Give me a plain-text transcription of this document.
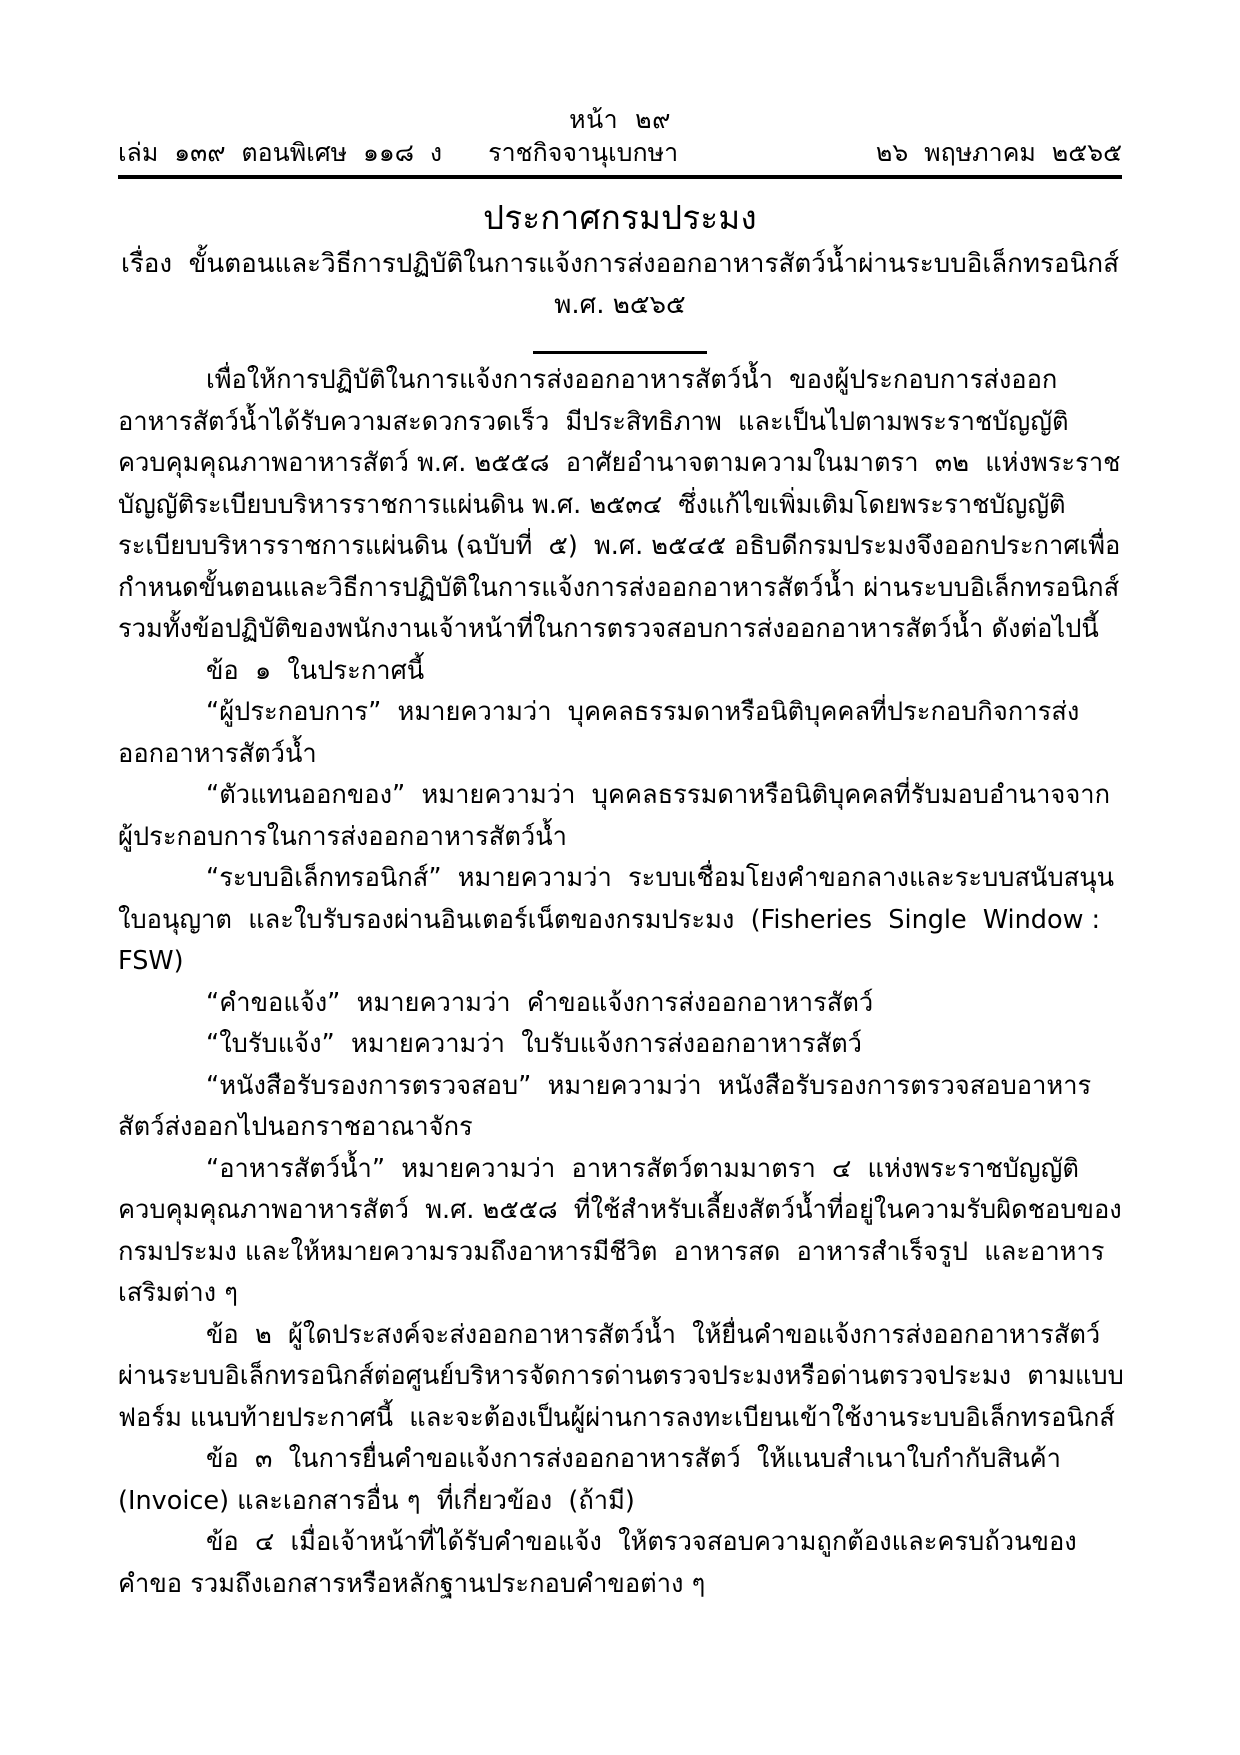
หน้า  ๒๙
เล่ม  ๑๓๙  ตอนพิเศษ  ๑๑๘  ง ราชกิจจานุเบกษา	๒๖  พฤษภาคม  ๒๕๖๕
ประกาศกรมประมง
เรื่อง  ขั้นตอนและวิธีการปฏิบัติในการแจ้งการส่งออกอาหารสัตว์น้ำผ่านระบบอิเล็กทรอนิกส์
พ.ศ. ๒๕๖๕

เพื่อให้การปฏิบัติในการแจ้งการส่งออกอาหารสัตว์น้ำ  ของผู้ประกอบการส่งออกอาหารสัตว์น้ำได้รับความสะดวกรวดเร็ว  มีประสิทธิภาพ  และเป็นไปตามพระราชบัญญัติควบคุมคุณภาพอาหารสัตว์ พ.ศ. ๒๕๕๘  อาศัยอำนาจตามความในมาตรา  ๓๒  แห่งพระราชบัญญัติระเบียบบริหารราชการแผ่นดิน พ.ศ. ๒๕๓๔  ซึ่งแก้ไขเพิ่มเติมโดยพระราชบัญญัติระเบียบบริหารราชการแผ่นดิน (ฉบับที่  ๕)  พ.ศ. ๒๕๔๕ อธิบดีกรมประมงจึงออกประกาศเพื่อกำหนดขั้นตอนและวิธีการปฏิบัติในการแจ้งการส่งออกอาหารสัตว์น้ำ ผ่านระบบอิเล็กทรอนิกส์  รวมทั้งข้อปฏิบัติของพนักงานเจ้าหน้าที่ในการตรวจสอบการส่งออกอาหารสัตว์น้ำ ดังต่อไปนี้

ข้อ  ๑  ในประกาศนี้

“ผู้ประกอบการ”  หมายความว่า  บุคคลธรรมดาหรือนิติบุคคลที่ประกอบกิจการส่งออกอาหารสัตว์น้ำ

“ตัวแทนออกของ”  หมายความว่า  บุคคลธรรมดาหรือนิติบุคคลที่รับมอบอำนาจจากผู้ประกอบการในการส่งออกอาหารสัตว์น้ำ

“ระบบอิเล็กทรอนิกส์”  หมายความว่า  ระบบเชื่อมโยงคำขอกลางและระบบสนับสนุนใบอนุญาต  และใบรับรองผ่านอินเตอร์เน็ตของกรมประมง  (Fisheries  Single  Window : FSW)

“คำขอแจ้ง”  หมายความว่า  คำขอแจ้งการส่งออกอาหารสัตว์

“ใบรับแจ้ง”  หมายความว่า  ใบรับแจ้งการส่งออกอาหารสัตว์

“หนังสือรับรองการตรวจสอบ”  หมายความว่า  หนังสือรับรองการตรวจสอบอาหารสัตว์ส่งออกไปนอกราชอาณาจักร

“อาหารสัตว์น้ำ”  หมายความว่า  อาหารสัตว์ตามมาตรา  ๔  แห่งพระราชบัญญัติควบคุมคุณภาพอาหารสัตว์  พ.ศ. ๒๕๕๘  ที่ใช้สำหรับเลี้ยงสัตว์น้ำที่อยู่ในความรับผิดชอบของกรมประมง และให้หมายความรวมถึงอาหารมีชีวิต  อาหารสด  อาหารสำเร็จรูป  และอาหารเสริมต่าง ๆ

ข้อ  ๒  ผู้ใดประสงค์จะส่งออกอาหารสัตว์น้ำ  ให้ยื่นคำขอแจ้งการส่งออกอาหารสัตว์ ผ่านระบบอิเล็กทรอนิกส์ต่อศูนย์บริหารจัดการด่านตรวจประมงหรือด่านตรวจประมง  ตามแบบฟอร์ม แนบท้ายประกาศนี้  และจะต้องเป็นผู้ผ่านการลงทะเบียนเข้าใช้งานระบบอิเล็กทรอนิกส์

ข้อ  ๓  ในการยื่นคำขอแจ้งการส่งออกอาหารสัตว์  ให้แนบสำเนาใบกำกับสินค้า  (Invoice) และเอกสารอื่น ๆ  ที่เกี่ยวข้อง  (ถ้ามี)

ข้อ  ๔  เมื่อเจ้าหน้าที่ได้รับคำขอแจ้ง  ให้ตรวจสอบความถูกต้องและครบถ้วนของคำขอ รวมถึงเอกสารหรือหลักฐานประกอบคำขอต่าง ๆ
